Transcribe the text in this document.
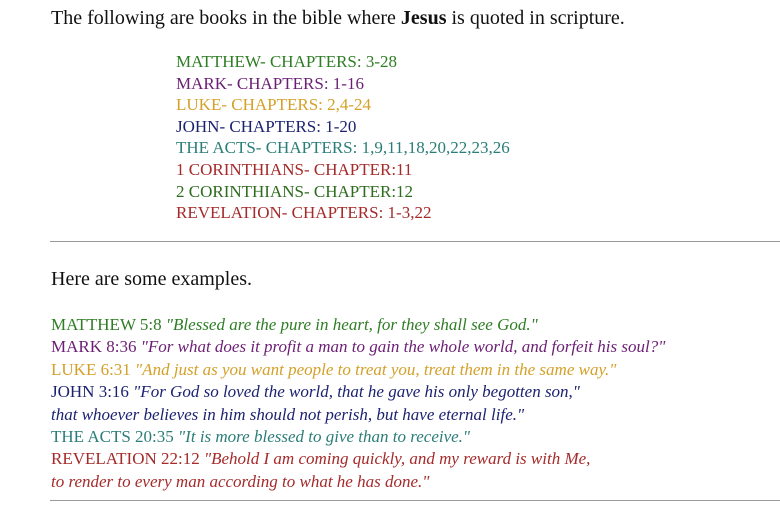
The following are books in the bible where Jesus is quoted in scripture.
MATTHEW- CHAPTERS: 3-28
MARK- CHAPTERS: 1-16
LUKE- CHAPTERS: 2,4-24
JOHN- CHAPTERS: 1-20
THE ACTS- CHAPTERS: 1,9,11,18,20,22,23,26
1 CORINTHIANS- CHAPTER:11
2 CORINTHIANS- CHAPTER:12
REVELATION- CHAPTERS: 1-3,22
Here are some examples.
MATTHEW 5:8 "Blessed are the pure in heart, for they shall see God."
MARK 8:36 "For what does it profit a man to gain the whole world, and forfeit his soul?"
LUKE 6:31 "And just as you want people to treat you, treat them in the same way."
JOHN 3:16 "For God so loved the world, that he gave his only begotten son,"
that whoever believes in him should not perish, but have eternal life."
THE ACTS 20:35 "It is more blessed to give than to receive."
REVELATION 22:12 "Behold I am coming quickly, and my reward is with Me,
to render to every man according to what he has done."
